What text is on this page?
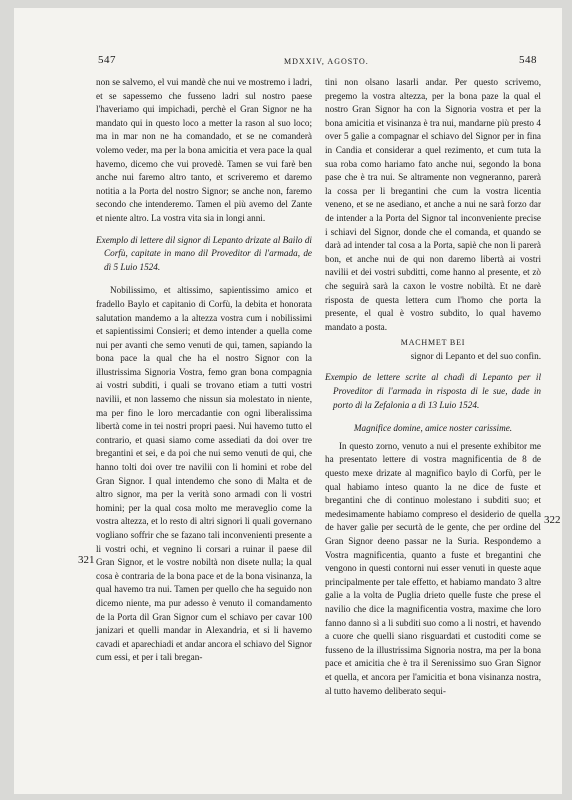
547	MDXXIV, AGOSTO.	548
321
322

non se salvemo, el vui mandè che nui ve mostremo i ladri, et se sapessemo che fusseno ladri sul nostro paese l'haveriamo qui impichadi, perchè el Gran Signor ne ha mandato qui in questo loco a metter la rason al suo loco; ma in mar non ne ha comandado, et se ne comanderà volemo veder, ma per la bona amicitia et vera pace la qual havemo, dicemo che vui provedè. Tamen se vui farè ben anche nui faremo altro tanto, et scriveremo et daremo notitia a la Porta del nostro Signor; se anche non, faremo secondo che intenderemo. Tamen el più avemo del Zante et niente altro. La vostra vita sia in longi anni.

Exemplo di lettere dil signor di Lepanto drizate al Bailo di Corfù, capitate in mano dil Proveditor di l'armada, de dì 5 Luio 1524.

Nobilissimo, et altissimo, sapientissimo amico et fradello Baylo et capitanio di Corfù, la debita et honorata salutation mandemo a la altezza vostra cum i nobilissimi et sapientissimi Consieri; et demo intender a quella come nui per avanti che semo venuti de qui, tamen, sapiando la bona pace la qual che ha el nostro Signor con la illustrissima Signoria Vostra, femo gran bona compagnia ai vostri subditi, i quali se trovano etiam a tutti vostri navilii, et non lassemo che nissun sia molestato in niente, ma per fino le loro mercadantie con ogni liberalissima libertà come in tei nostri propri paesi. Nui havemo tutto el contrario, et quasi siamo come assediati da doi over tre bregantini et sei, e da poi che nui semo venuti de qui, che hanno tolti doi over tre navilii con li homini et robe del Gran Signor. I qual intendemo che sono di Malta et de altro signor, ma per la verità sono armadi con li vostri homini; per la qual cosa molto me meraveglio come la vostra altezza, et lo resto di altri signori li quali governano vogliano soffrir che se fazano tali inconvenienti presente a li vostri ochi, et vegnino li corsari a ruinar il paese dil Gran Signor, et le vostre nobiltà non disete nulla; la qual cosa è contraria de la bona pace et de la bona visinanza, la qual havemo tra nui. Tamen per quello che ha seguido non dicemo niente, ma pur adesso è venuto il comandamento de la Porta dil Gran Signor cum el schiavo per cavar 100 janizari et quelli mandar in Alexandria, et si li havemo cavadi et aparechiadi et andar ancora el schiavo del Signor cum essi, et per i tali bregan-

tini non olsano lasarli andar. Per questo scrivemo, pregemo la vostra altezza, per la bona paze la qual el nostro Gran Signor ha con la Signoria vostra et per la bona amicitia et visinanza è tra nui, mandarne più presto 4 over 5 galìe a compagnar el schiavo del Signor per in fina in Candia et considerar a quel rezimento, et cum tuta la sua roba como hariamo fato anche nui, segondo la bona pase che è tra nui. Se altramente non vegneranno, parerà la cossa per li bregantini che cum la vostra licentia veneno, et se ne asediano, et anche a nui ne sarà forzo dar de intender a la Porta del Signor tal inconveniente precise i schiavi del Signor, donde che el comanda, et quando se darà ad intender tal cosa a la Porta, sapiè che non li parerà bon, et anche nui de qui non daremo libertà ai vostri navilii et dei vostri subditti, come hanno al presente, et zò che seguirà sarà la caxon le vostre nobiltà. Et ne darè risposta de questa lettera cum l'homo che porta la presente, el qual è vostro subdito, lo qual havemo mandato a posta.

MACHMET BEI
signor di Lepanto et del suo confin.

Exempio de lettere scrite al chadì di Lepanto per il Proveditor di l'armada in risposta di le sue, dade in porto di la Zefalonia a dì 13 Luio 1524.

Magnifice domine, amice noster carissime.

In questo zorno, venuto a nui el presente exhibitor me ha presentato lettere di vostra magnificentia de 8 de questo mexe drizate al magnifico baylo di Corfù, per le qual habiamo inteso quanto la ne dice de fuste et bregantini che di continuo molestano i subditi suo; et medesimamente habiamo compreso el desiderio de quella de haver galìe per securtà de le gente, che per ordine del Gran Signor deeno passar ne la Suria. Respondemo a Vostra magnificentia, quanto a fuste et bregantini che vengono in questi contorni nui esser venuti in queste aque principalmente per tale effetto, et habiamo mandato 3 altre galìe a la volta de Puglia drieto quelle fuste che prese el navilio che dice la magnificentia vostra, maxime che loro fanno danno sì a li subditi suo como a li nostri, et havendo a cuore che quelli siano risguardati et custoditi come se fusseno de la illustrissima Signoria nostra, ma per la bona pace et amicitia che è tra il Serenissimo suo Gran Signor et quella, et ancora per l'amicitia et bona visinanza nostra, al tutto havemo deliberato sequi-
